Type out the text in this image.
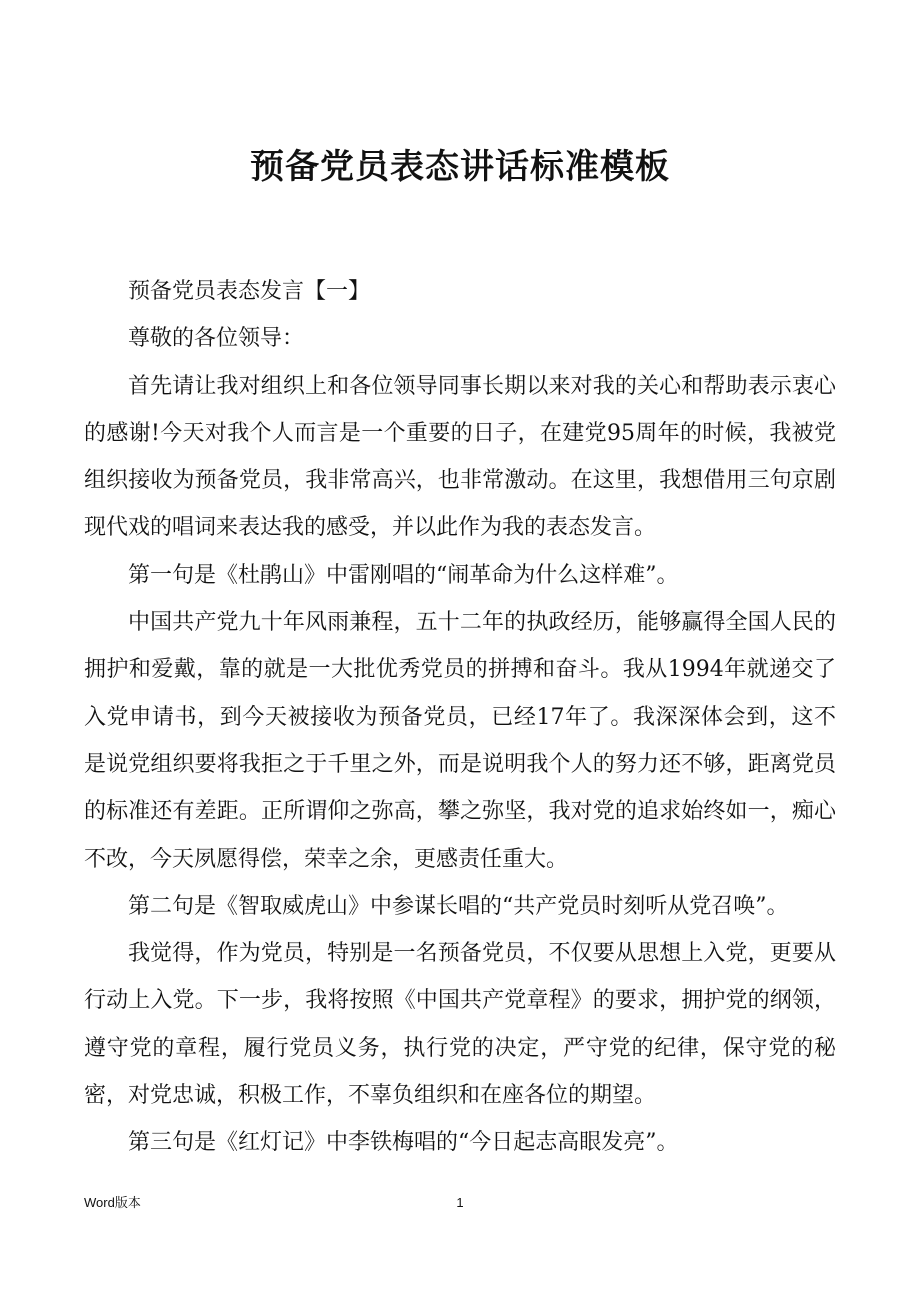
预备党员表态讲话标准模板

预备党员表态发言【一】

尊敬的各位领导：

首先请让我对组织上和各位领导同事长期以来对我的关心和帮助表示衷心的感谢!今天对我个人而言是一个重要的日子，在建党95周年的时候，我被党组织接收为预备党员，我非常高兴，也非常激动。在这里，我想借用三句京剧现代戏的唱词来表达我的感受，并以此作为我的表态发言。

第一句是《杜鹃山》中雷刚唱的“闹革命为什么这样难”。

中国共产党九十年风雨兼程，五十二年的执政经历，能够赢得全国人民的拥护和爱戴，靠的就是一大批优秀党员的拼搏和奋斗。我从1994年就递交了入党申请书，到今天被接收为预备党员，已经17年了。我深深体会到，这不是说党组织要将我拒之于千里之外，而是说明我个人的努力还不够，距离党员的标准还有差距。正所谓仰之弥高，攀之弥坚，我对党的追求始终如一，痴心不改，今天夙愿得偿，荣幸之余，更感责任重大。

第二句是《智取威虎山》中参谋长唱的“共产党员时刻听从党召唤”。

我觉得，作为党员，特别是一名预备党员，不仅要从思想上入党，更要从行动上入党。下一步，我将按照《中国共产党章程》的要求，拥护党的纲领，遵守党的章程，履行党员义务，执行党的决定，严守党的纪律，保守党的秘密，对党忠诚，积极工作，不辜负组织和在座各位的期望。

第三句是《红灯记》中李铁梅唱的“今日起志高眼发亮”。

Word版本	1
